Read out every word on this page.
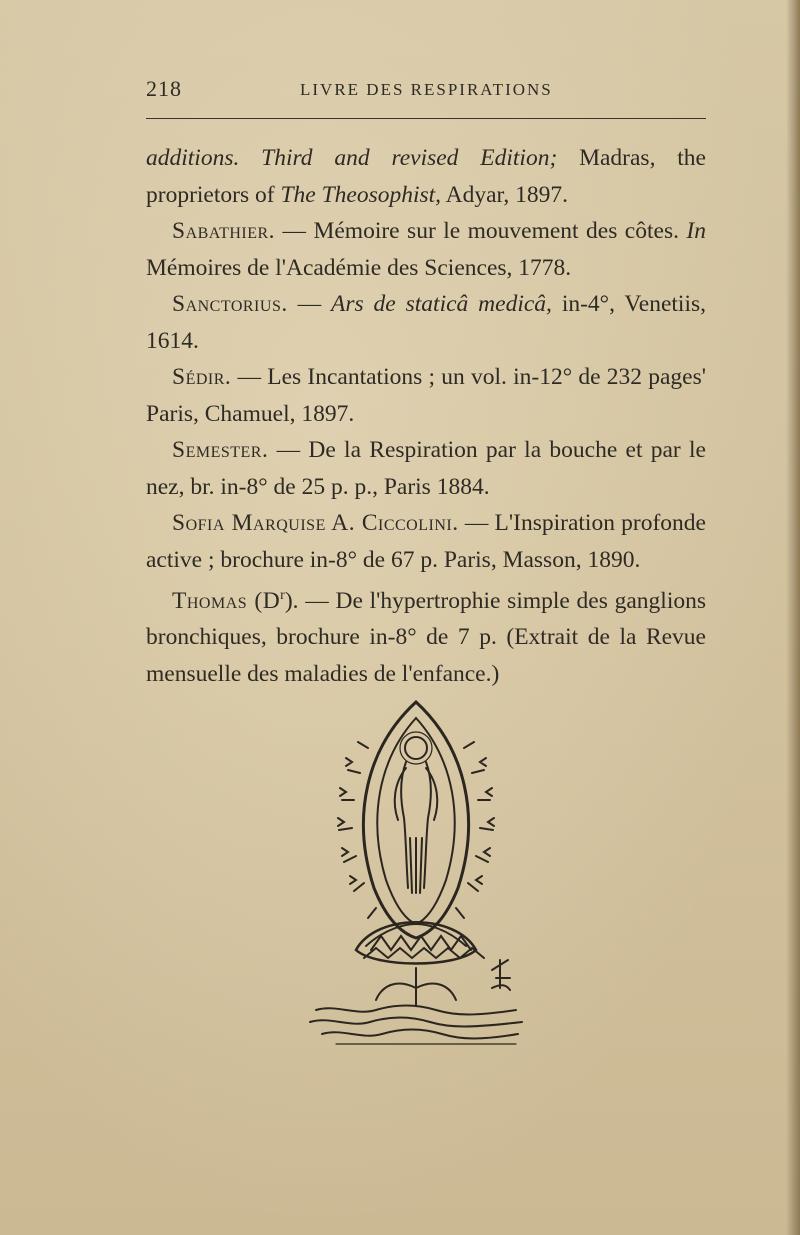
218	LIVRE DES RESPIRATIONS

additions. Third and revised Edition; Madras, the proprietors of The Theosophist, Adyar, 1897.

Sabathier. — Mémoire sur le mouvement des côtes. In Mémoires de l'Académie des Sciences, 1778.

Sanctorius. — Ars de staticâ medicâ, in-4°, Venetiis, 1614.

Sédir. — Les Incantations ; un vol. in-12° de 232 pages' Paris, Chamuel, 1897.

Semester. — De la Respiration par la bouche et par le nez, br. in-8° de 25 p. p., Paris 1884.

Sofia Marquise A. Ciccolini. — L'Inspiration profonde active ; brochure in-8° de 67 p. Paris, Masson, 1890.

Thomas $(D^r)$. — De l'hypertrophie simple des ganglions bronchiques, brochure in-8° de 7 p. (Extrait de la Revue mensuelle des maladies de l'enfance.)
